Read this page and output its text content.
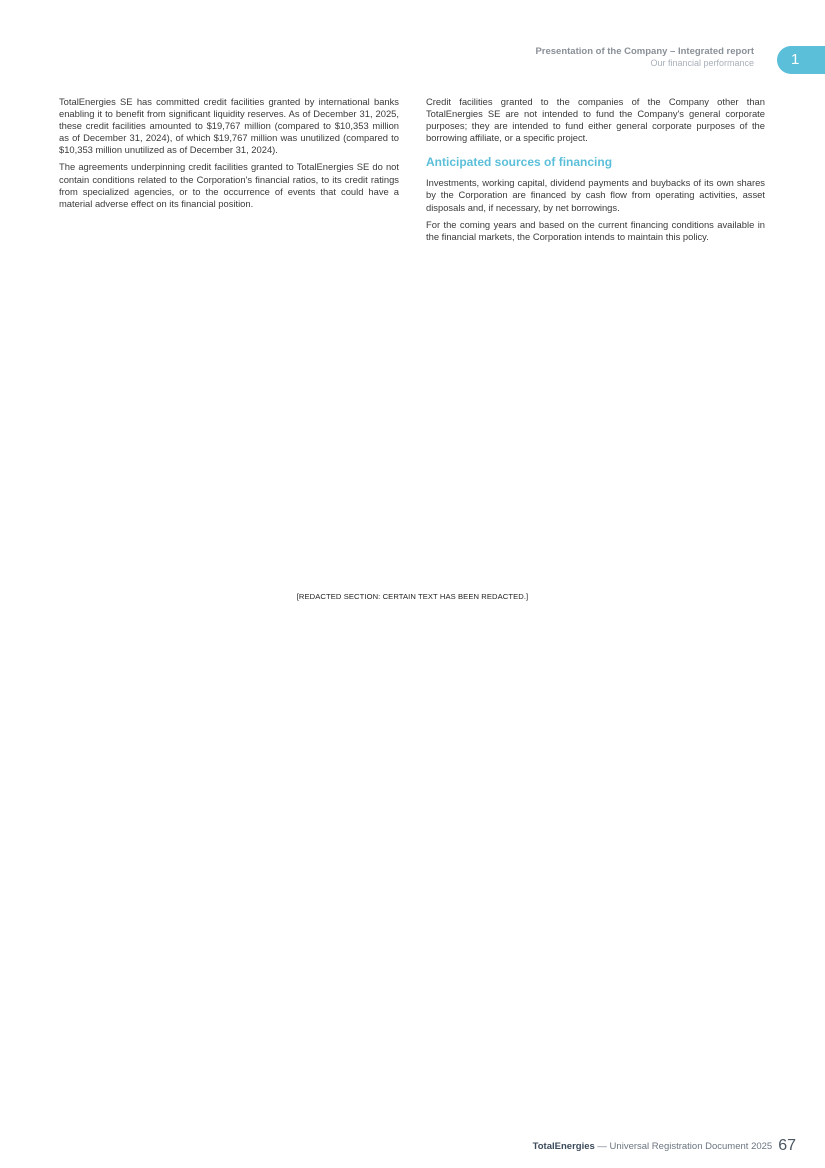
Presentation of the Company – Integrated report
Our financial performance	1

TotalEnergies SE has committed credit facilities granted by international banks enabling it to benefit from significant liquidity reserves. As of December 31, 2025, these credit facilities amounted to $19,767 million (compared to $10,353 million as of December 31, 2024), of which $19,767 million was unutilized (compared to $10,353 million unutilized as of December 31, 2024).

The agreements underpinning credit facilities granted to TotalEnergies SE do not contain conditions related to the Corporation's financial ratios, to its credit ratings from specialized agencies, or to the occurrence of events that could have a material adverse effect on its financial position.

Credit facilities granted to the companies of the Company other than TotalEnergies SE are not intended to fund the Company's general corporate purposes; they are intended to fund either general corporate purposes of the borrowing affiliate, or a specific project.

Anticipated sources of financing

Investments, working capital, dividend payments and buybacks of its own shares by the Corporation are financed by cash flow from operating activities, asset disposals and, if necessary, by net borrowings.

For the coming years and based on the current financing conditions available in the financial markets, the Corporation intends to maintain this policy.

[REDACTED SECTION: CERTAIN TEXT HAS BEEN REDACTED.]
TotalEnergies — Universal Registration Document 2025 67
